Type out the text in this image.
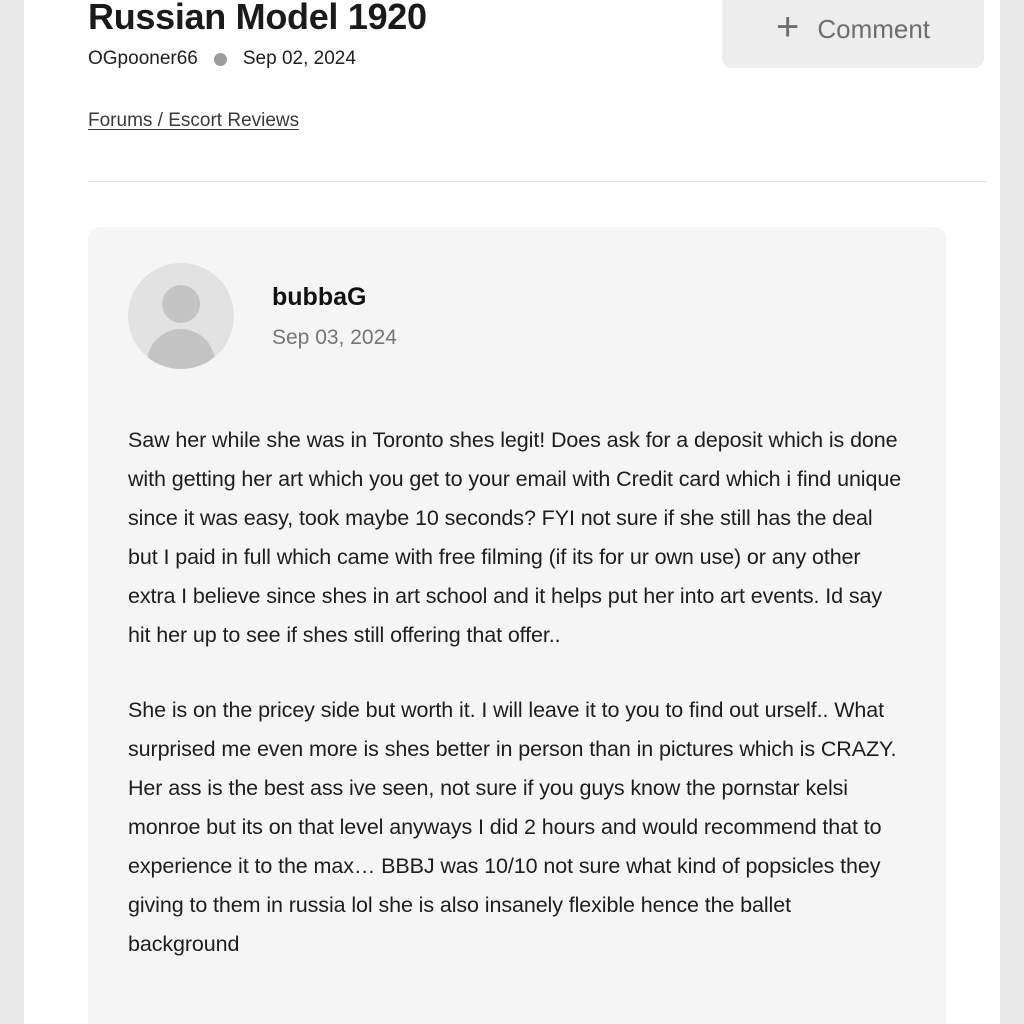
Russian Model 1920
OGpooner66 Sep 02, 2024
Forums / Escort Reviews
+ Comment
bubbaG
Sep 03, 2024

Saw her while she was in Toronto shes legit! Does ask for a deposit which is done with getting her art which you get to your email with Credit card which i find unique since it was easy, took maybe 10 seconds? FYI not sure if she still has the deal but I paid in full which came with free filming (if its for ur own use) or any other extra I believe since shes in art school and it helps put her into art events. Id say hit her up to see if shes still offering that offer..

She is on the pricey side but worth it. I will leave it to you to find out urself.. What surprised me even more is shes better in person than in pictures which is CRAZY. Her ass is the best ass ive seen, not sure if you guys know the pornstar kelsi monroe but its on that level anyways I did 2 hours and would recommend that to experience it to the max… BBBJ was 10/10 not sure what kind of popsicles they giving to them in russia lol she is also insanely flexible hence the ballet background
